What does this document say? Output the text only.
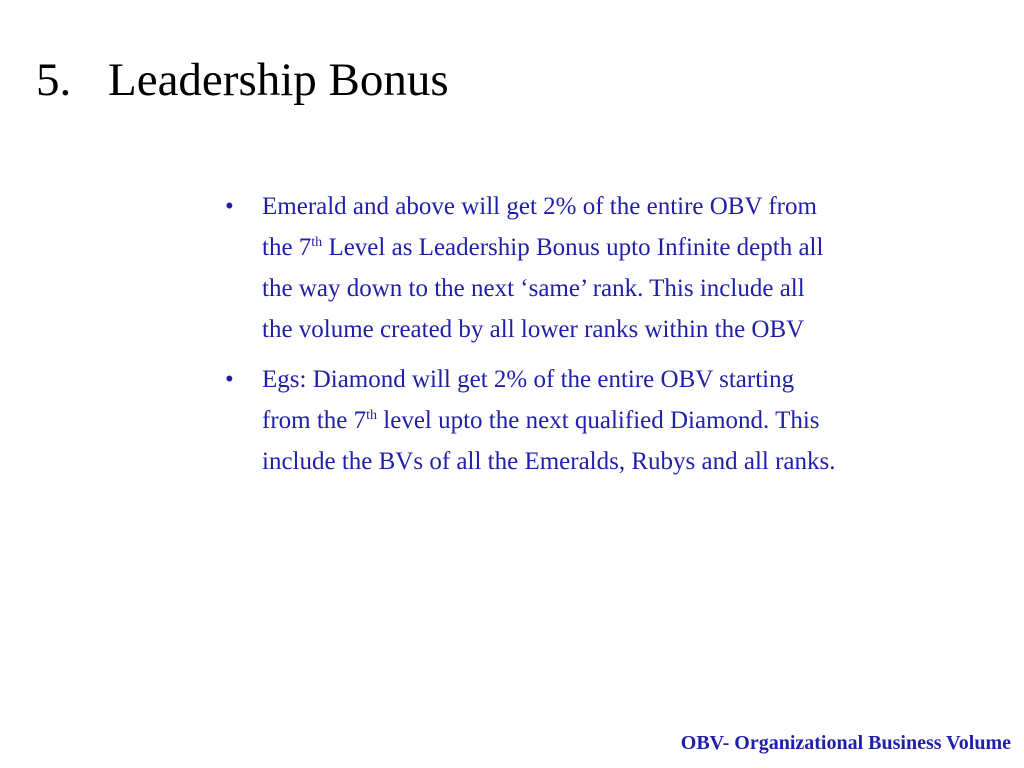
5. Leadership Bonus
• Emerald and above will get 2% of the entire OBV from
the 7th Level as Leadership Bonus upto Infinite depth all
the way down to the next ‘same’ rank. This include all
the volume created by all lower ranks within the OBV
• Egs: Diamond will get 2% of the entire OBV starting
from the 7th level upto the next qualified Diamond. This
include the BVs of all the Emeralds, Rubys and all ranks.

OBV- Organizational Business Volume
